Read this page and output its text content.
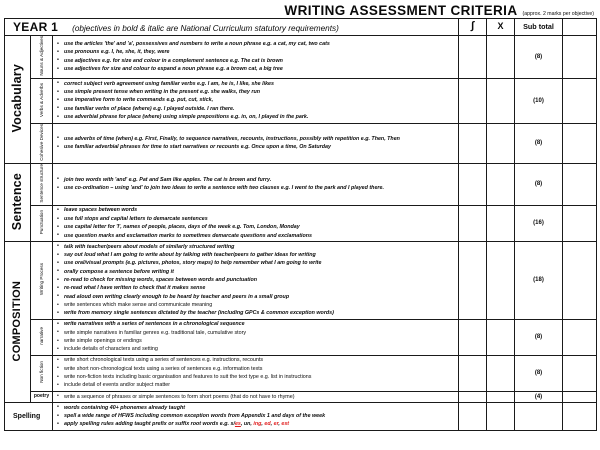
WRITING ASSESSMENT CRITERIA (approx. 2 marks per objective)
YEAR 1 (objectives in bold & italic are National Curriculum statutory requirements)			∫	X	Sub total	
Vocabulary	Nouns & Adjectives	
•use the articles 'the' and 'a', possessives and numbers to write a noun phrase e.g. a cat, my cat, two cats
• use pronouns e.g. I, he, she, it, they, were
• use adjectives e.g. for size and colour in a complement sentence e.g. The cat is brown
• use adjectives for size and colour to expand a noun phrase e.g. a brown cat, a big tree
			(8)	
Verbs & Adverbs	
•correct subject verb agreement using familiar verbs e.g. I am, he is, I like, she likes
• use simple present tense when writing in the present e.g. she walks, they run
• use imperative form to write commands e.g. put, cut, stick,
• use familiar verbs of place (where) e.g. I played outside. I ran there.
• use adverbial phrase for place (where) using simple prepositions e.g. in, on, I played in the park.
			(10)	
Cohesive Devices	
•use adverbs of time (when) e.g. First, Finally, to sequence narratives, recounts, instructions, possibly with repetition e.g. Then, Then
• use familiar adverbial phrases for time to start narratives or recounts e.g. Once upon a time, On Saturday
			(8)	
Sentence	Sentence structure	
•join two words with 'and' e.g. Pat and Sam like apples. The cat is brown and furry.
• use co-ordination – using 'and' to join two ideas to write a sentence with two clauses e.g. I went to the park and I played there.
			(8)	
Punctuation	
•leave spaces between words
• use full stops and capital letters to demarcate sentences
• use capital letter for 'I', names of people, places, days of the week e.g. Tom, London, Monday
• use question marks and exclamation marks to sometimes demarcate questions and exclamations
			(16)	
COMPOSITION	Writing Process	
• talk with teacher/peers about models of similarly structured writing
• say out loud what I am going to write about by talking with teacher/peers to gather ideas for writing
• use oral/visual prompts (e.g. pictures, photos, story maps) to help remember what I am going to write
• orally compose a sentence before writing it
• re-read to check for missing words, spaces between words and punctuation
• re-read what I have written to check that it makes sense
• read aloud own writing clearly enough to be heard by teacher and peers in a small group
• write sentences which make sense and communicate meaning
• write from memory single sentences dictated by the teacher (including GPCs & common exception words)
			(18)	
narrative	
• write narratives with a series of sentences in a chronological sequence
• write simple narratives in familiar genres e.g. traditional tale, cumulative story
• write simple openings or endings
• include details of characters and setting
			(8)	
Non fiction	
• write short chronological texts using a series of sentences e.g. instructions, recounts
• write short non-chronological texts using a series of sentences e.g. information texts
• write non-fiction texts including basic organisation and features to suit the text type e.g. list in instructions
• include detail of events and/or subject matter
			(8)	
poetry	
•write a sequence of phrases or simple sentences to form short poems (that do not have to rhyme)			(4)	
Spelling	
• words containing 40+ phonemes already taught
• spell a wide range of HFWS including common exception words from Appendix 1 and days of the week
• apply spelling rules adding taught prefix or suffix root words e.g. s/es, un, ing, ed, er, est
